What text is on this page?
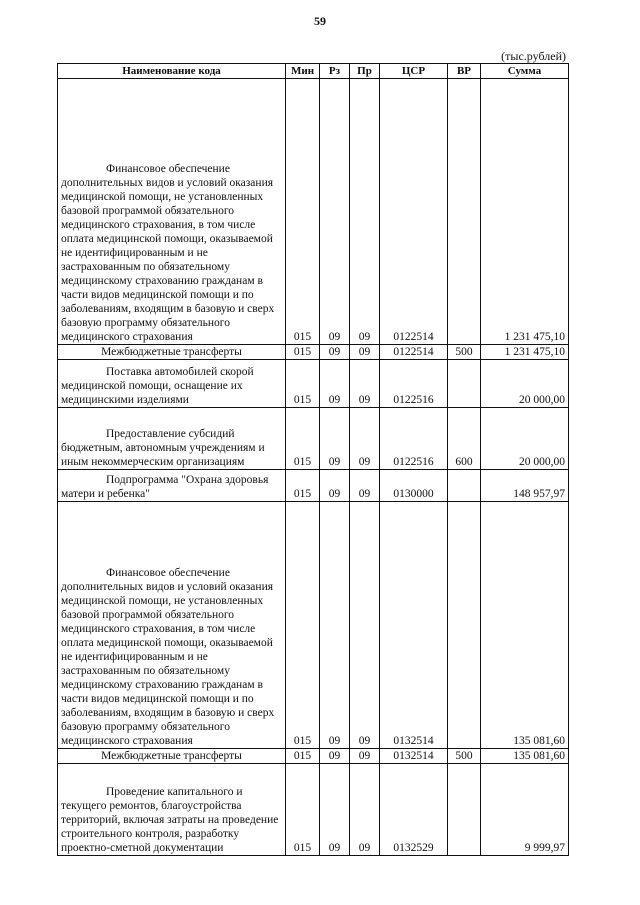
59
(тыс.рублей)
Наименование кода	Мин	Рз	Пр	ЦСР	ВР	Сумма
Финансовое обеспечение дополнительных видов и условий оказания медицинской помощи, не установленных базовой программой обязательного медицинского страхования, в том числе оплата медицинской помощи, оказываемой не идентифицированным и не застрахованным по обязательному медицинскому страхованию гражданам в части видов медицинской помощи и по заболеваниям, входящим в базовую и сверх базовую программу обязательного медицинского страхования	015	09	09	0122514		1 231 475,10
Межбюджетные трансферты	015	09	09	0122514	500	1 231 475,10
Поставка автомобилей скорой медицинской помощи, оснащение их медицинскими изделиями	015	09	09	0122516		20 000,00
Предоставление субсидий бюджетным, автономным учреждениям и иным некоммерческим организациям	015	09	09	0122516	600	20 000,00
Подпрограмма "Охрана здоровья матери и ребенка"	015	09	09	0130000		148 957,97
Финансовое обеспечение дополнительных видов и условий оказания медицинской помощи, не установленных базовой программой обязательного медицинского страхования, в том числе оплата медицинской помощи, оказываемой не идентифицированным и не застрахованным по обязательному медицинскому страхованию гражданам в части видов медицинской помощи и по заболеваниям, входящим в базовую и сверх базовую программу обязательного медицинского страхования	015	09	09	0132514		135 081,60
Межбюджетные трансферты	015	09	09	0132514	500	135 081,60
Проведение капитального и текущего ремонтов, благоустройства территорий, включая затраты на проведение строительного контроля, разработку проектно-сметной документации	015	09	09	0132529		9 999,97
